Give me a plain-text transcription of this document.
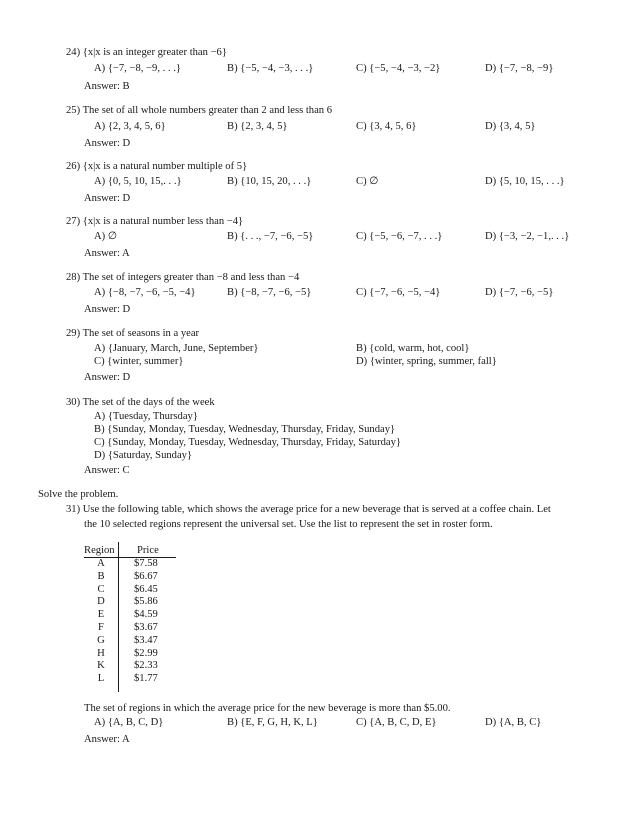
24) {x|x is an integer greater than −6}
A) {−7, −8, −9, . . .}	B) {−5, −4, −3, . . .}	C) {−5, −4, −3, −2}	D) {−7, −8, −9}
Answer: B
25) The set of all whole numbers greater than 2 and less than 6
A) {2, 3, 4, 5, 6}	B) {2, 3, 4, 5}	C) {3, 4, 5, 6}	D) {3, 4, 5}
Answer: D
26) {x|x is a natural number multiple of 5}
A) {0, 5, 10, 15,. . .}	B) {10, 15, 20, . . .}	C) ∅	D) {5, 10, 15, . . .}
Answer: D
27) {x|x is a natural number less than −4}
A) ∅	B) {. . ., −7, −6, −5}	C) {−5, −6, −7, . . .}	D) {−3, −2, −1,. . .}
Answer: A
28) The set of integers greater than −8 and less than −4
A) {−8, −7, −6, −5, −4}	B) {−8, −7, −6, −5}	C) {−7, −6, −5, −4}	D) {−7, −6, −5}
Answer: D
29) The set of seasons in a year
A) {January, March, June, September}	B) {cold, warm, hot, cool}
C) {winter, summer}	D) {winter, spring, summer, fall}
Answer: D
30) The set of the days of the week
A) {Tuesday, Thursday}
B) {Sunday, Monday, Tuesday, Wednesday, Thursday, Friday, Sunday}
C) {Sunday, Monday, Tuesday, Wednesday, Thursday, Friday, Saturday}
D) {Saturday, Sunday}
Answer: C
Solve the problem.
31) Use the following table, which shows the average price for a new beverage that is served at a coffee chain. Let
the 10 selected regions represent the universal set. Use the list to represent the set in roster form.
Region Price
A	$7.58
B	$6.67
C	$6.45
D	$5.86
E	$4.59
F	$3.67
G	$3.47
H	$2.99
K	$2.33
L	$1.77
The set of regions in which the average price for the new beverage is more than $5.00.
A) {A, B, C, D}	B) {E, F, G, H, K, L}	C) {A, B, C, D, E}	D) {A, B, C}
Answer: A
